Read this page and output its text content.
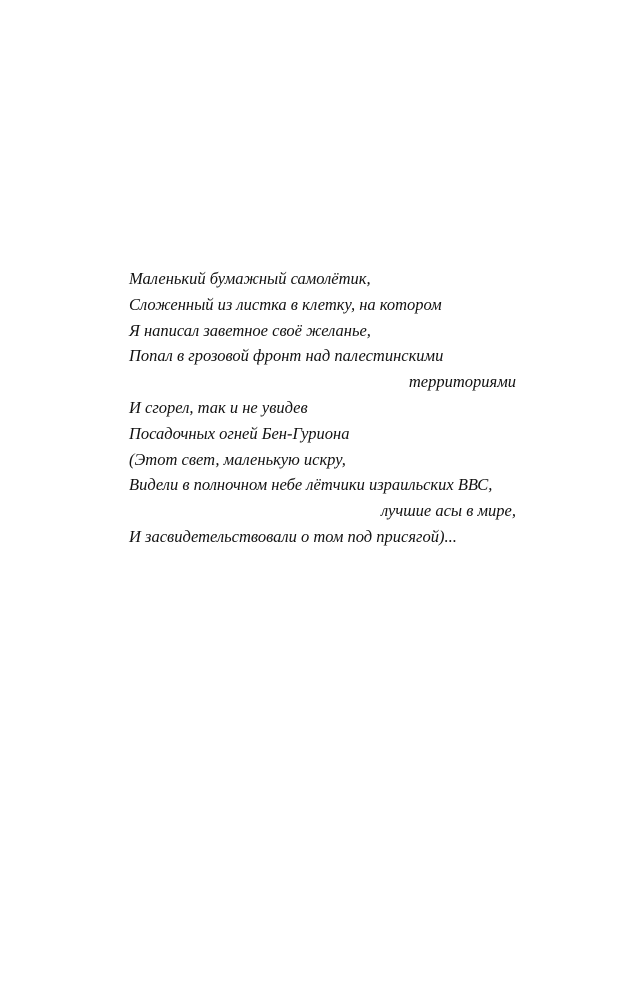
Маленький бумажный самолётик,
Сложенный из листка в клетку, на котором
Я написал заветное своё желанье,
Попал в грозовой фронт над палестинскими
территориями
И сгорел, так и не увидев
Посадочных огней Бен-Гуриона
(Этот свет, маленькую искру,
Видели в полночном небе лётчики израильских ВВС,
лучшие асы в мире,
И засвидетельствовали о том под присягой)...
